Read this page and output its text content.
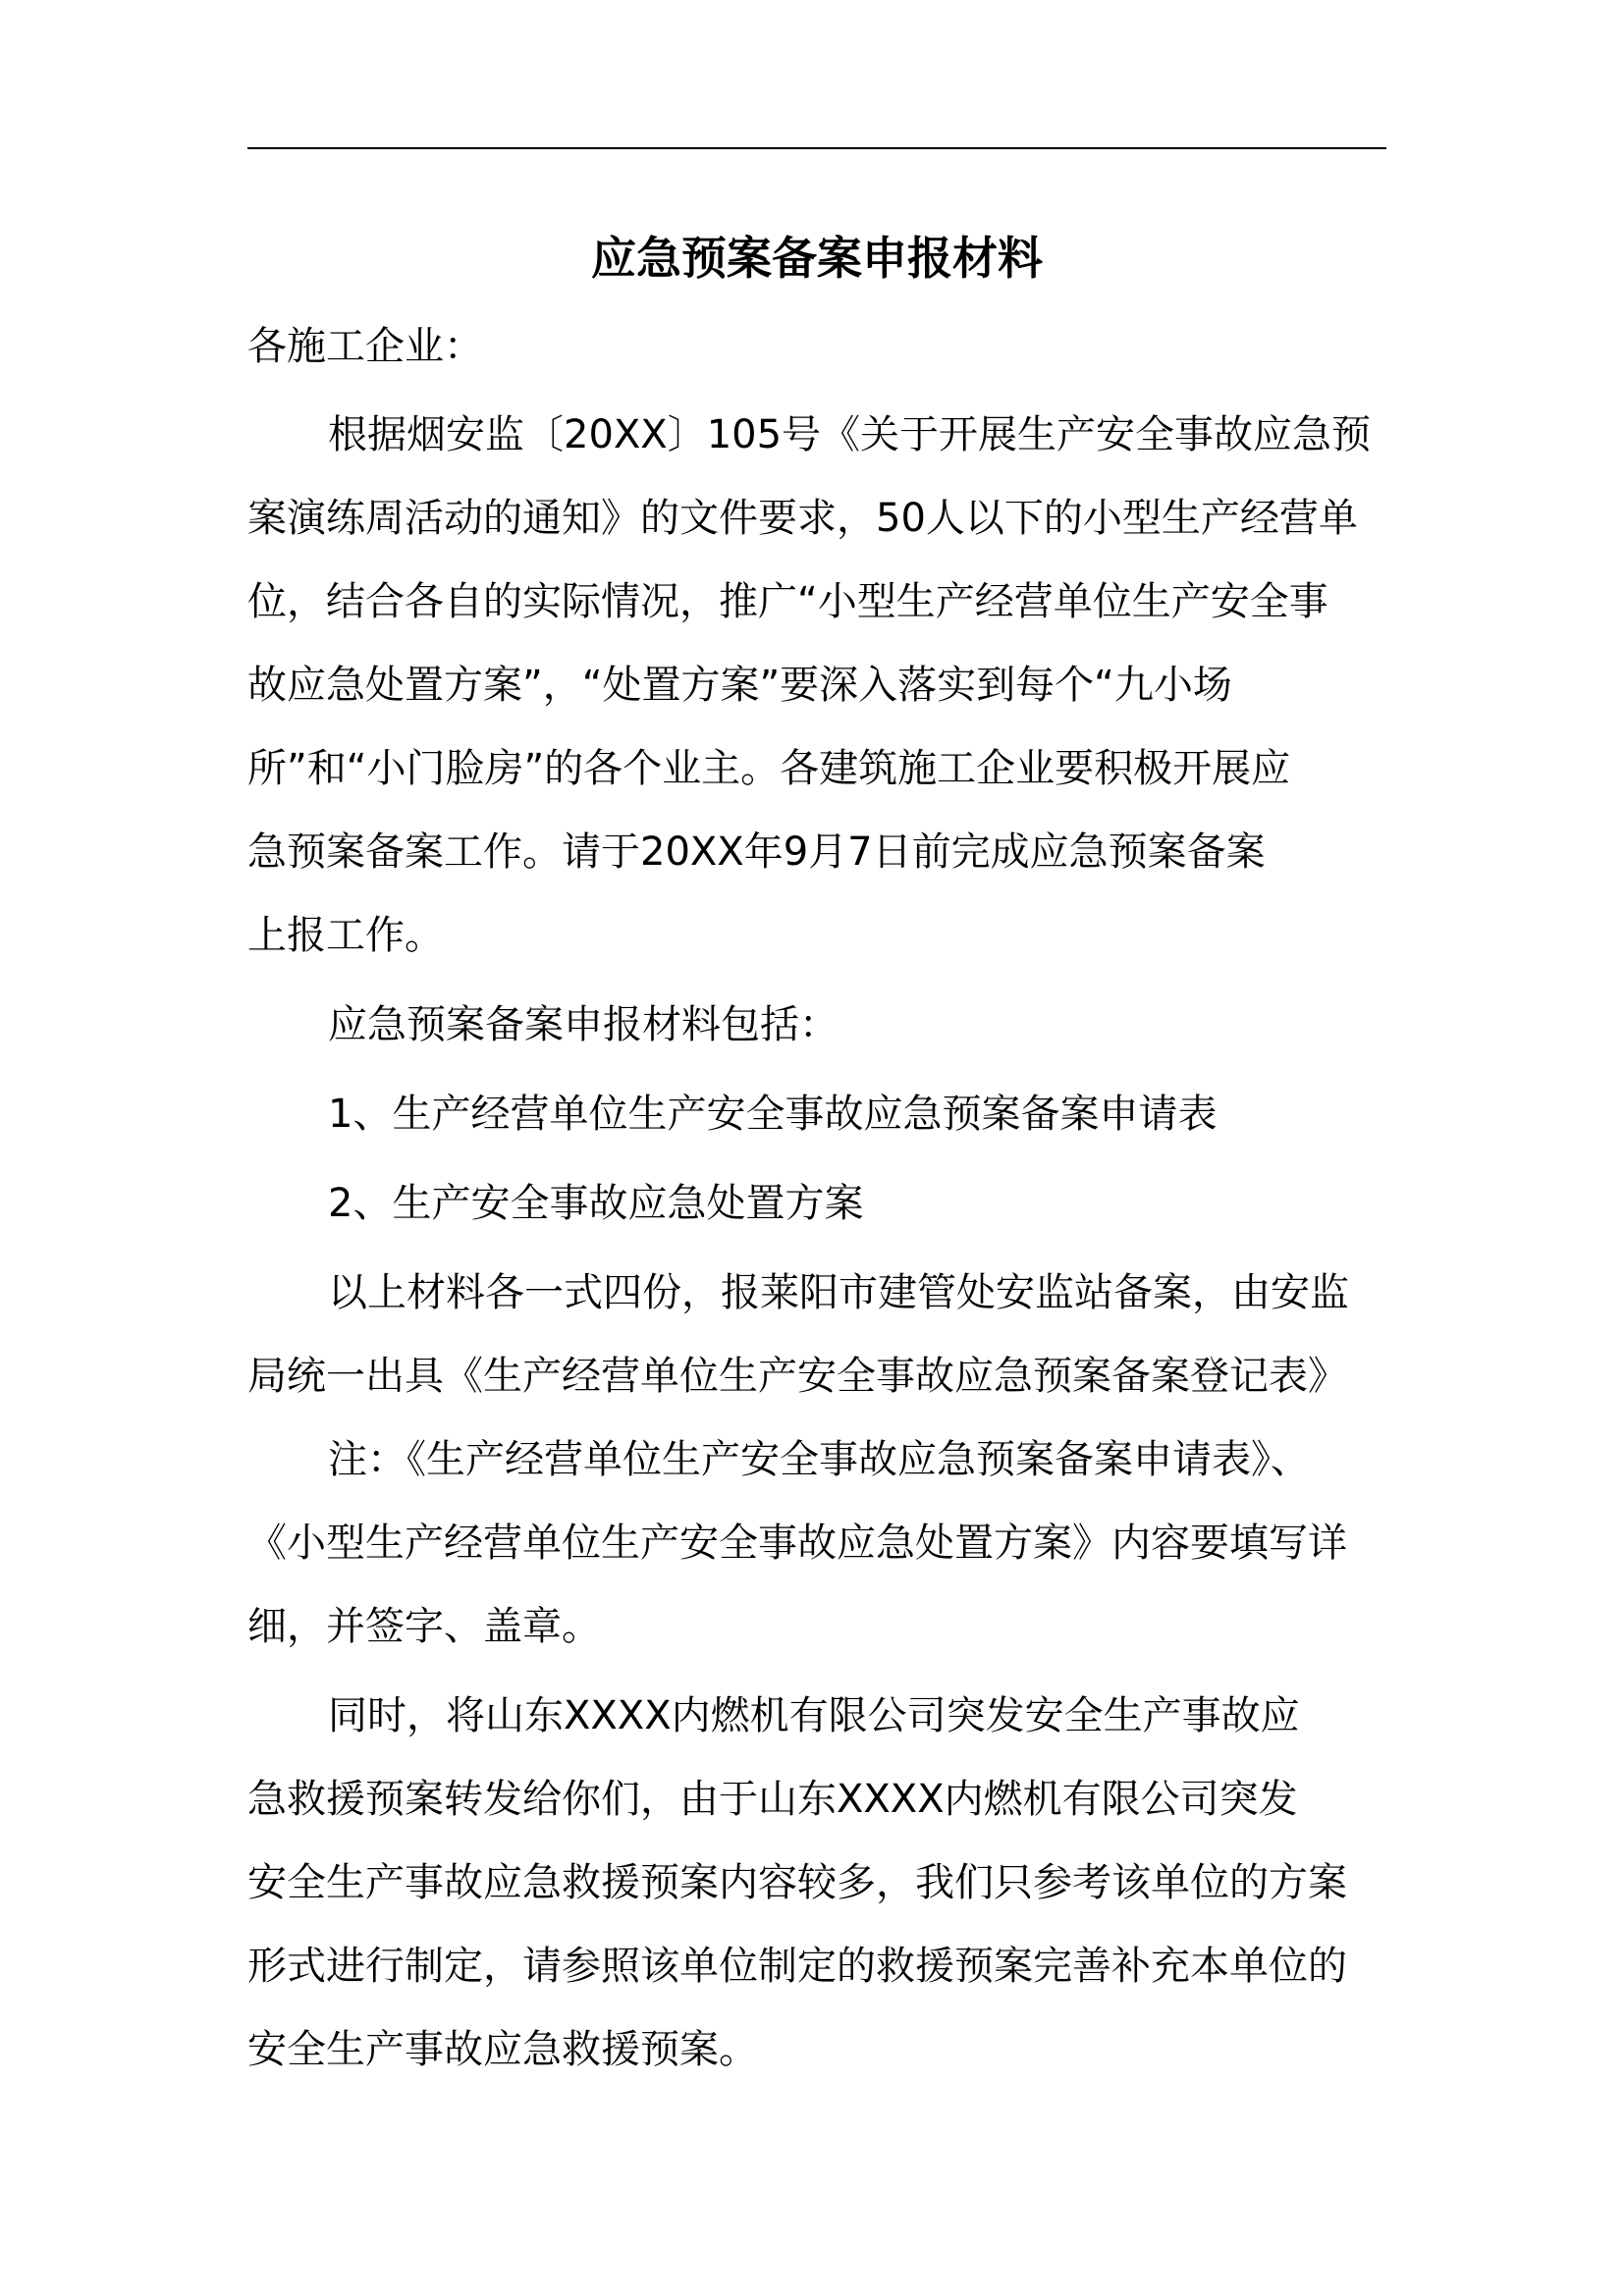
应急预案备案申报材料

各施工企业：

根据烟安监〔20XX〕105号《关于开展生产安全事故应急预

案演练周活动的通知》的文件要求，50人以下的小型生产经营单

位，结合各自的实际情况，推广“小型生产经营单位生产安全事

故应急处置方案”，“处置方案”要深入落实到每个“九小场

所”和“小门脸房”的各个业主。各建筑施工企业要积极开展应

急预案备案工作。请于20XX年9月7日前完成应急预案备案

上报工作。

应急预案备案申报材料包括：

1、生产经营单位生产安全事故应急预案备案申请表

2、生产安全事故应急处置方案

以上材料各一式四份，报莱阳市建管处安监站备案，由安监

局统一出具《生产经营单位生产安全事故应急预案备案登记表》

注：《生产经营单位生产安全事故应急预案备案申请表》、

《小型生产经营单位生产安全事故应急处置方案》内容要填写详

细，并签字、盖章。

同时，将山东XXXX内燃机有限公司突发安全生产事故应

急救援预案转发给你们，由于山东XXXX内燃机有限公司突发

安全生产事故应急救援预案内容较多，我们只参考该单位的方案

形式进行制定，请参照该单位制定的救援预案完善补充本单位的

安全生产事故应急救援预案。
